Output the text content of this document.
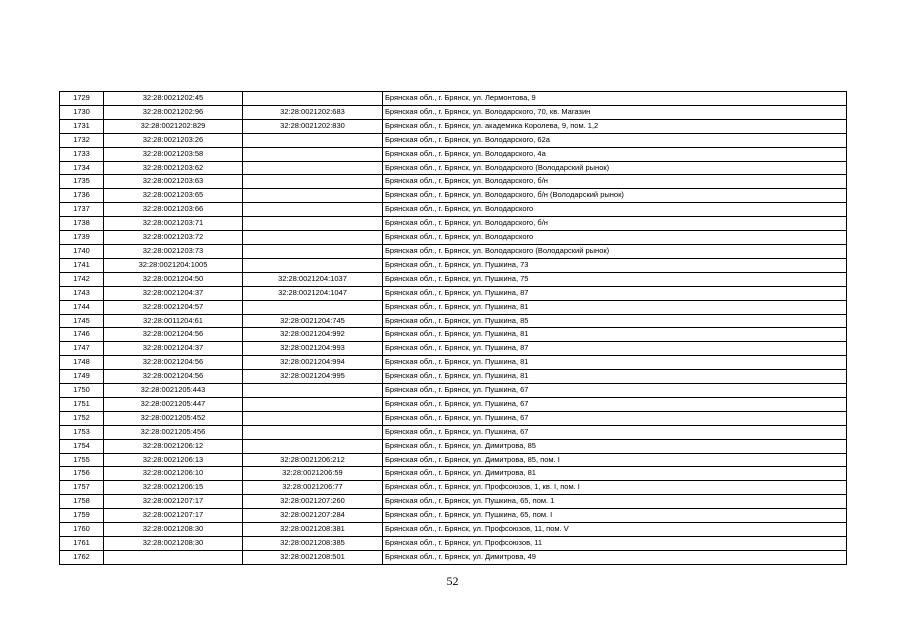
1729	32:28:0021202:45		Брянская обл., г. Брянск, ул. Лермонтова, 9
1730	32:28:0021202:96	32:28:0021202:683	Брянская обл., г. Брянск, ул. Володарского, 70, кв. Магазин
1731	32:28:0021202:829	32:28:0021202:830	Брянская обл., г. Брянск, ул. академика Королева, 9, пом. 1,2
1732	32:28:0021203:26		Брянская обл., г. Брянск, ул. Володарского, 62а
1733	32:28:0021203:58		Брянская обл., г. Брянск, ул. Володарского, 4а
1734	32:28:0021203:62		Брянская обл., г. Брянск, ул. Володарского (Володарский рынок)
1735	32:28:0021203:63		Брянская обл., г. Брянск, ул. Володарского, б/н
1736	32:28:0021203:65		Брянская обл., г. Брянск, ул. Володарского, б/н (Володарский рынок)
1737	32:28:0021203:66		Брянская обл., г. Брянск, ул. Володарского
1738	32:28:0021203:71		Брянская обл., г. Брянск, ул. Володарского, б/н
1739	32:28:0021203:72		Брянская обл., г. Брянск, ул. Володарского
1740	32:28:0021203:73		Брянская обл., г. Брянск, ул. Володарского (Володарский рынок)
1741	32:28:0021204:1005		Брянская обл., г. Брянск, ул. Пушкина, 73
1742	32:28:0021204:50	32:28:0021204:1037	Брянская обл., г. Брянск, ул. Пушкина, 75
1743	32:28:0021204:37	32:28:0021204:1047	Брянская обл., г. Брянск, ул. Пушкина, 87
1744	32:28:0021204:57		Брянская обл., г. Брянск, ул. Пушкина, 81
1745	32:28:0011204:61	32:28:0021204:745	Брянская обл., г. Брянск, ул. Пушкина, 85
1746	32:28:0021204:56	32:28:0021204:992	Брянская обл., г. Брянск, ул. Пушкина, 81
1747	32:28:0021204:37	32:28:0021204:993	Брянская обл., г. Брянск, ул. Пушкина, 87
1748	32:28:0021204:56	32:28:0021204:994	Брянская обл., г. Брянск, ул. Пушкина, 81
1749	32:28:0021204:56	32:28:0021204:995	Брянская обл., г. Брянск, ул. Пушкина, 81
1750	32:28:0021205:443		Брянская обл., г. Брянск, ул. Пушкина, 67
1751	32:28:0021205:447		Брянская обл., г. Брянск, ул. Пушкина, 67
1752	32:28:0021205:452		Брянская обл., г. Брянск, ул. Пушкина, 67
1753	32:28:0021205:456		Брянская обл., г. Брянск, ул. Пушкина, 67
1754	32:28:0021206:12		Брянская обл., г. Брянск, ул. Димитрова, 85
1755	32:28:0021206:13	32:28:0021206:212	Брянская обл., г. Брянск, ул. Димитрова, 85, пом. I
1756	32:28:0021206:10	32:28:0021206:59	Брянская обл., г. Брянск, ул. Димитрова, 81
1757	32:28:0021206:15	32:28:0021206:77	Брянская обл., г. Брянск, ул. Профсоюзов, 1, кв. I, пом. I
1758	32:28:0021207:17	32:28:0021207:260	Брянская обл., г. Брянск, ул. Пушкина, 65, пом. 1
1759	32:28:0021207:17	32:28:0021207:284	Брянская обл., г. Брянск, ул. Пушкина, 65, пом. I
1760	32:28:0021208:30	32:28:0021208:381	Брянская обл., г. Брянск, ул. Профсоюзов, 11, пом. V
1761	32:28:0021208:30	32:28:0021208:385	Брянская обл., г. Брянск, ул. Профсоюзов, 11
1762		32:28:0021208:501	Брянская обл., г. Брянск, ул. Димитрова, 49
52
